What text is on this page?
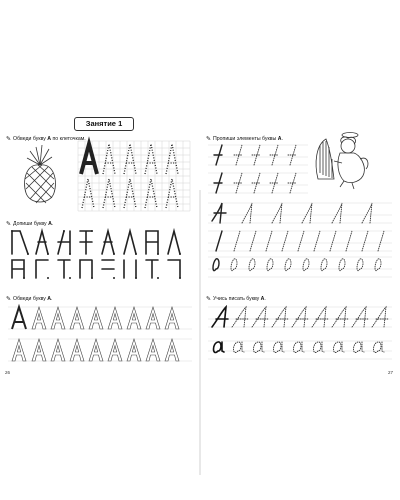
Занятие 1
✎ Обведи букву А по клеточкам.
✎ Допиши букву А.
✎ Обведи букву А.
26
✎ Пропиши элементы буквы А.
✎ Учись писать букву А.
27
